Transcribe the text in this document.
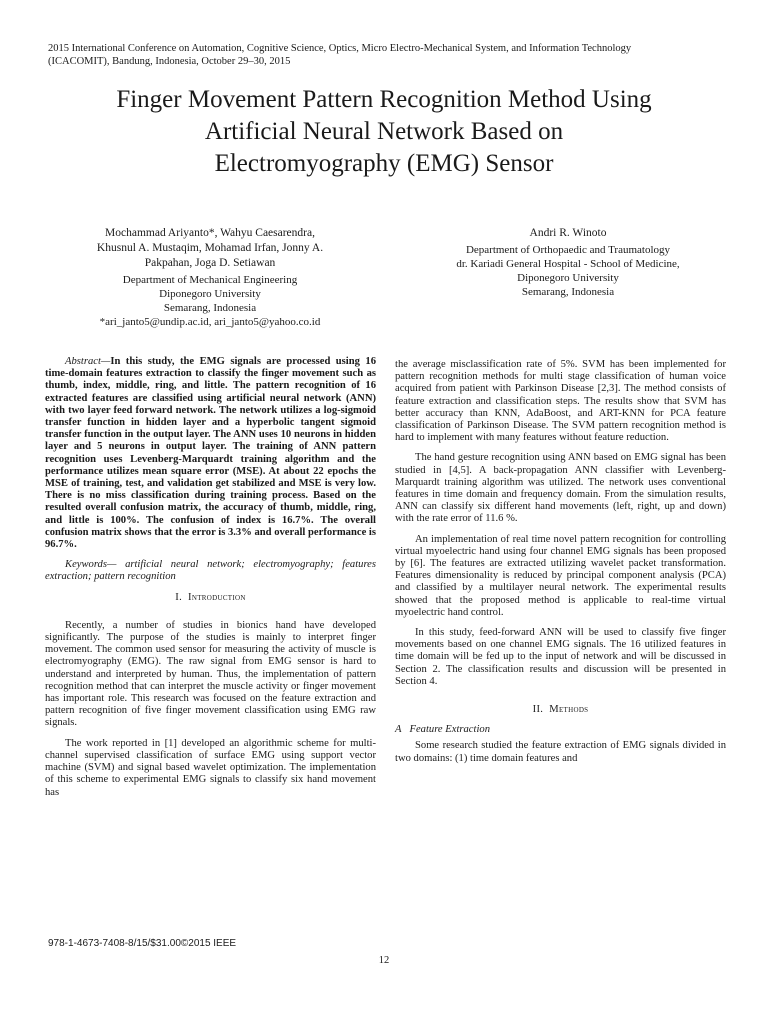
2015 International Conference on Automation, Cognitive Science, Optics, Micro Electro-Mechanical System, and Information Technology
(ICACOMIT), Bandung, Indonesia, October 29–30, 2015
Finger Movement Pattern Recognition Method Using
Artificial Neural Network Based on
Electromyography (EMG) Sensor
Mochammad Ariyanto*, Wahyu Caesarendra,
Khusnul A. Mustaqim, Mohamad Irfan, Jonny A.
Pakpahan, Joga D. Setiawan
Department of Mechanical Engineering
Diponegoro University
Semarang, Indonesia
*ari_janto5@undip.ac.id, ari_janto5@yahoo.co.id
Andri R. Winoto
Department of Orthopaedic and Traumatology
dr. Kariadi General Hospital - School of Medicine,
Diponegoro University
Semarang, Indonesia

Abstract—In this study, the EMG signals are processed using 16 time-domain features extraction to classify the finger movement such as thumb, index, middle, ring, and little. The pattern recognition of 16 extracted features are classified using artificial neural network (ANN) with two layer feed forward network. The network utilizes a log-sigmoid transfer function in hidden layer and a hyperbolic tangent sigmoid transfer function in the output layer. The ANN uses 10 neurons in hidden layer and 5 neurons in output layer. The training of ANN pattern recognition uses Levenberg-Marquardt training algorithm and the performance utilizes mean square error (MSE). At about 22 epochs the MSE of training, test, and validation get stabilized and MSE is very low. There is no miss classification during training process. Based on the resulted overall confusion matrix, the accuracy of thumb, middle, ring, and little is 100%. The confusion of index is 16.7%. The overall confusion matrix shows that the error is 3.3% and overall performance is 96.7%.

Keywords— artificial neural network; electromyography; features extraction; pattern recognition

I. Introduction

Recently, a number of studies in bionics hand have developed significantly. The purpose of the studies is mainly to interpret finger movement. The common used sensor for measuring the activity of muscle is electromyography (EMG). The raw signal from EMG sensor is hard to understand and interpreted by human. Thus, the implementation of pattern recognition method that can interpret the muscle activity or finger movement has important role. This research was focused on the feature extraction and pattern recognition of five finger movement classification using EMG raw signals.

The work reported in [1] developed an algorithmic scheme for multi-channel supervised classification of surface EMG using support vector machine (SVM) and signal based wavelet optimization. The implementation of this scheme to experimental EMG signals to classify six hand movement has

the average misclassification rate of 5%. SVM has been implemented for pattern recognition methods for multi stage classification of human voice acquired from patient with Parkinson Disease [2,3]. The method consists of feature extraction and classification steps. The results show that SVM has better accuracy than KNN, AdaBoost, and ART-KNN for PCA feature classification of Parkinson Disease. The SVM pattern recognition method is hard to implement with many features without feature reduction.

The hand gesture recognition using ANN based on EMG signal has been studied in [4,5]. A back-propagation ANN classifier with Levenberg-Marquardt training algorithm was utilized. The network uses conventional features in time domain and frequency domain. From the simulation results, ANN can classify six different hand movements (left, right, up and down) with the rate error of 11.6 %.

An implementation of real time novel pattern recognition for controlling virtual myoelectric hand using four channel EMG signals has been proposed by [6]. The features are extracted utilizing wavelet packet transformation. Features dimensionality is reduced by principal component analysis (PCA) and classified by a multilayer neural network. The experimental results showed that the proposed method is applicable to real-time virtual myoelectric hand control.

In this study, feed-forward ANN will be used to classify five finger movements based on one channel EMG signals. The 16 utilized features in time domain will be fed up to the input of network and will be discussed in Section 2. The classification results and discussion will be presented in Section 4.

II. Methods
A Feature Extraction

Some research studied the feature extraction of EMG signals divided in two domains: (1) time domain features and

978-1-4673-7408-8/15/$31.00©2015 IEEE
12
